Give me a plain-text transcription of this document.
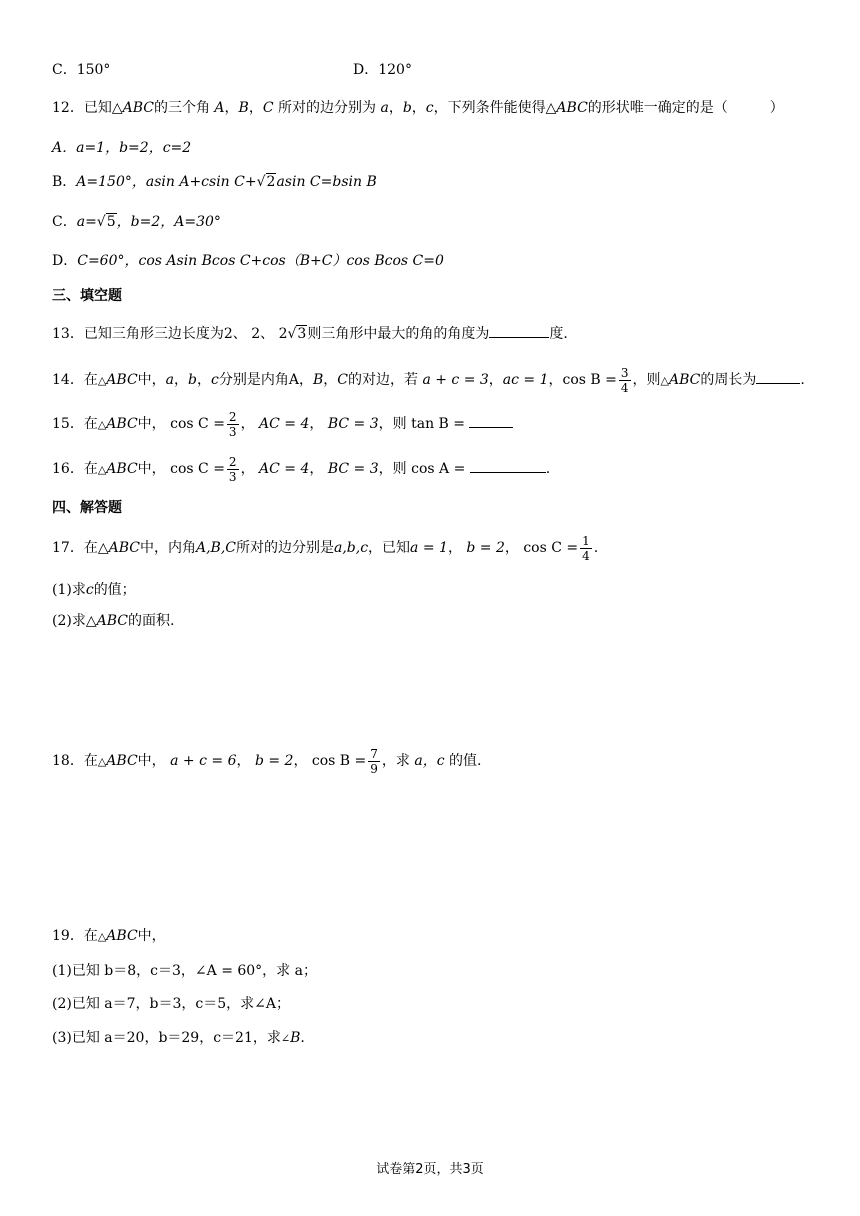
C．150°	D．120°
12．已知△ABC的三个角 A，B，C 所对的边分别为 a，b，c，下列条件能使得△ABC的形状唯一确定的是（　　　）
A．a=1，b=2，c=2
B．A=150°，asin A+csin C+√2asin C=bsin B
C．a=√5，b=2，A=30°
D．C=60°，cos Asin Bcos C+cos（B+C）cos Bcos C=0
三、填空题
13．已知三角形三边长度为2、 2、 2√3则三角形中最大的角的角度为	度.
14．在△ABC中，a，b，c分别是内角A，B，C的对边，若 a + c = 3，ac = 1，$\cos B = \frac{3}{4}$ ，则△ABC的周长为	.
15．在△ABC中， $\cos C = \frac{2}{3}$ ， AC = 4， BC = 3，则 tan B =
16．在△ABC中， $\cos C = \frac{2}{3}$ ， AC = 4， BC = 3，则 cos A =	.
四、解答题
17．在△ABC中，内角A,B,C所对的边分别是a,b,c，已知a = 1， b = 2， $\cos C = \frac{1}{4}$ .
(1)求c的值；
(2)求△ABC的面积.
18．在△ABC中， a + c = 6， b = 2， $\cos B = \frac{7}{9}$ ，求 a，c 的值.
19．在△ABC中，
(1)已知 b＝8，c＝3，∠A = 60°，求 a；
(2)已知 a＝7，b＝3，c＝5，求∠A；
(3)已知 a＝20，b＝29，c＝21，求∠B.
试卷第2页，共3页
